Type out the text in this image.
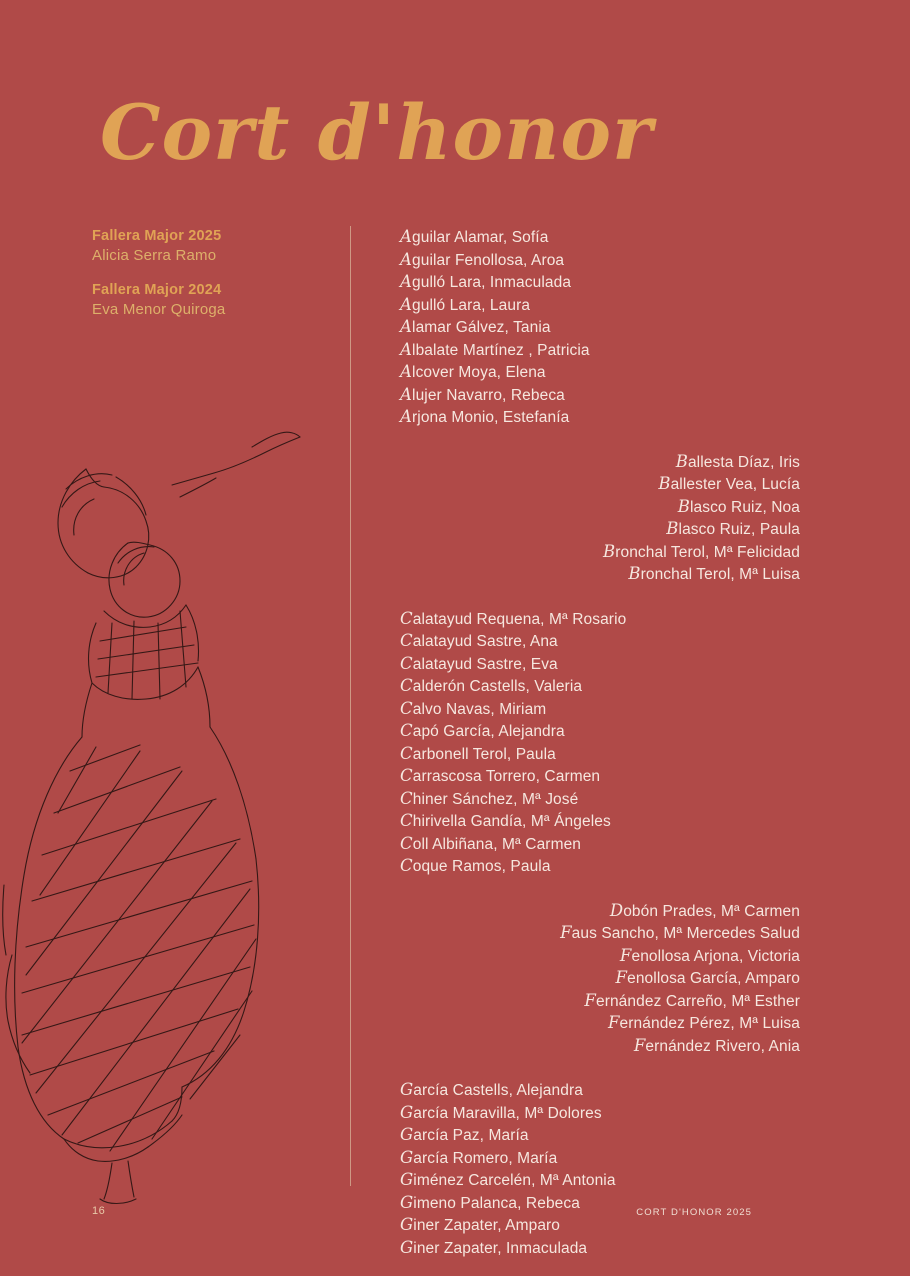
Cort d'honor
Fallera Major 2025
Alicia Serra Ramo
Fallera Major 2024
Eva Menor Quiroga
Aguilar Alamar, Sofía
Aguilar Fenollosa, Aroa
Agulló Lara, Inmaculada
Agulló Lara, Laura
Alamar Gálvez, Tania
Albalate Martínez , Patricia
Alcover Moya, Elena
Alujer Navarro, Rebeca
Arjona Monio, Estefanía
Ballesta Díaz, Iris
Ballester Vea, Lucía
Blasco Ruiz, Noa
Blasco Ruiz, Paula
Bronchal Terol, Mª Felicidad
Bronchal Terol, Mª Luisa
Calatayud Requena, Mª Rosario
Calatayud Sastre, Ana
Calatayud Sastre, Eva
Calderón Castells, Valeria
Calvo Navas, Miriam
Capó García, Alejandra
Carbonell Terol, Paula
Carrascosa Torrero, Carmen
Chiner Sánchez, Mª José
Chirivella Gandía, Mª Ángeles
Coll Albiñana, Mª Carmen
Coque Ramos, Paula
Dobón Prades, Mª Carmen
Faus Sancho, Mª Mercedes Salud
Fenollosa Arjona, Victoria
Fenollosa García, Amparo
Fernández Carreño, Mª Esther
Fernández Pérez, Mª Luisa
Fernández Rivero, Ania
García Castells, Alejandra
García Maravilla, Mª Dolores
García Paz, María
García Romero, María
Giménez Carcelén, Mª Antonia
Gimeno Palanca, Rebeca
Giner Zapater, Amparo
Giner Zapater, Inmaculada
16	CORT D'HONOR 2025
